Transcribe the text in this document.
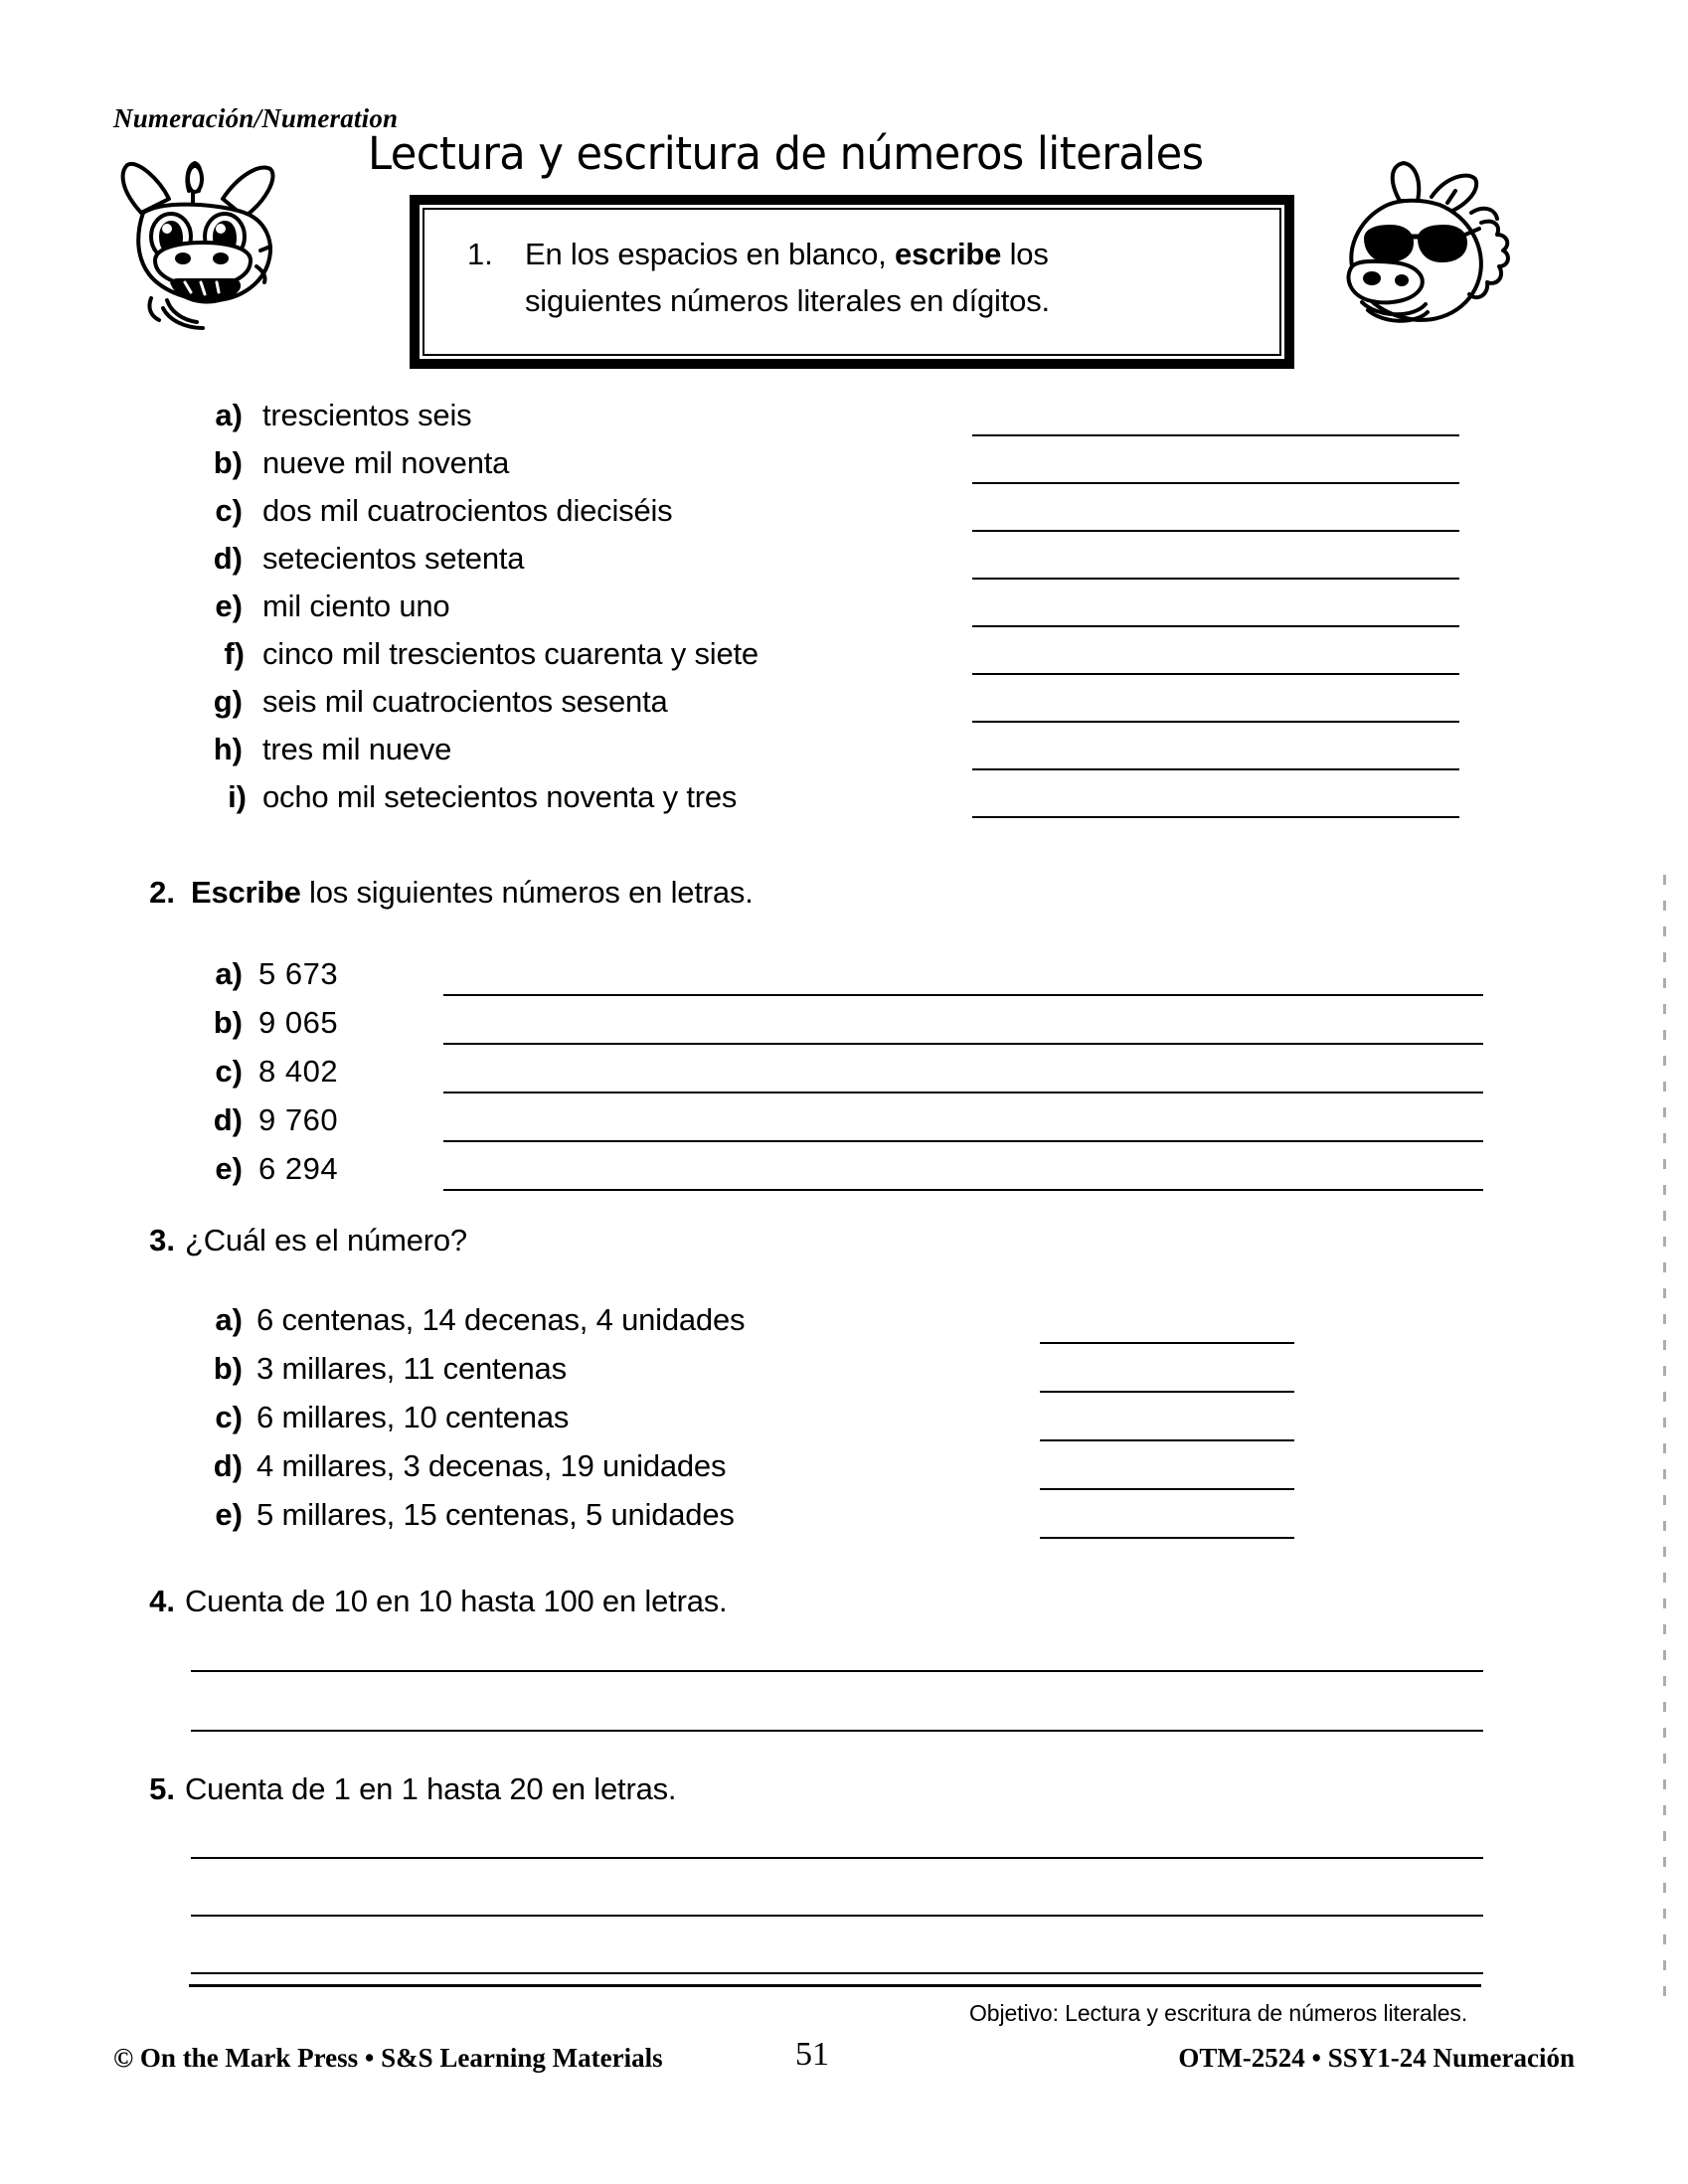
Numeración/Numeration
Lectura y escritura de números literales
1. En los espacios en blanco, escribe los
siguientes números literales en dígitos.
a) trescientos seis
b) nueve mil noventa
c) dos mil cuatrocientos dieciséis
d) setecientos setenta
e) mil ciento uno
f) cinco mil trescientos cuarenta y siete
g) seis mil cuatrocientos sesenta
h) tres mil nueve
i) ocho mil setecientos noventa y tres
2. Escribe los siguientes números en letras.
a) 5 673
b) 9 065
c) 8 402
d) 9 760
e) 6 294
3. ¿Cuál es el número?
a) 6 centenas, 14 decenas, 4 unidades
b) 3 millares, 11 centenas
c) 6 millares, 10 centenas
d) 4 millares, 3 decenas, 19 unidades
e) 5 millares, 15 centenas, 5 unidades
4. Cuenta de 10 en 10 hasta 100 en letras.
5. Cuenta de 1 en 1 hasta 20 en letras.
Objetivo: Lectura y escritura de números literales.
© On the Mark Press • S&S Learning Materials	51	OTM-2524 • SSY1-24 Numeración
